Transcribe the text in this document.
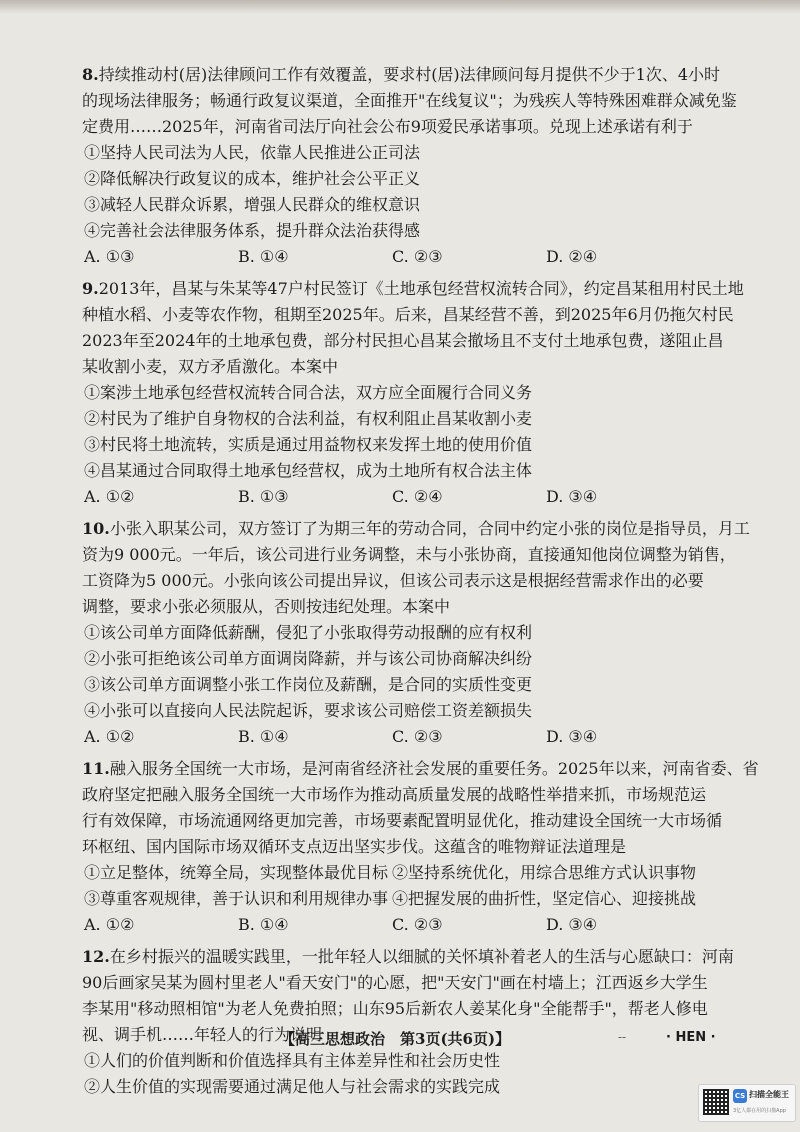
8.持续推动村(居)法律顾问工作有效覆盖，要求村(居)法律顾问每月提供不少于1次、4小时
的现场法律服务；畅通行政复议渠道，全面推开"在线复议"；为残疾人等特殊困难群众减免鉴
定费用……2025年，河南省司法厅向社会公布9项爱民承诺事项。兑现上述承诺有利于
①坚持人民司法为人民，依靠人民推进公正司法
②降低解决行政复议的成本，维护社会公平正义
③减轻人民群众诉累，增强人民群众的维权意识
④完善社会法律服务体系，提升群众法治获得感
A. ①③	B. ①④	C. ②③	D. ②④
9.2013年，昌某与朱某等47户村民签订《土地承包经营权流转合同》，约定昌某租用村民土地
种植水稻、小麦等农作物，租期至2025年。后来，昌某经营不善，到2025年6月仍拖欠村民
2023年至2024年的土地承包费，部分村民担心昌某会撤场且不支付土地承包费，遂阻止昌
某收割小麦，双方矛盾激化。本案中
①案涉土地承包经营权流转合同合法，双方应全面履行合同义务
②村民为了维护自身物权的合法利益，有权利阻止昌某收割小麦
③村民将土地流转，实质是通过用益物权来发挥土地的使用价值
④昌某通过合同取得土地承包经营权，成为土地所有权合法主体
A. ①②	B. ①③	C. ②④	D. ③④
10.小张入职某公司，双方签订了为期三年的劳动合同，合同中约定小张的岗位是指导员，月工
资为9 000元。一年后，该公司进行业务调整，未与小张协商，直接通知他岗位调整为销售，
工资降为5 000元。小张向该公司提出异议，但该公司表示这是根据经营需求作出的必要
调整，要求小张必须服从，否则按违纪处理。本案中
①该公司单方面降低薪酬，侵犯了小张取得劳动报酬的应有权利
②小张可拒绝该公司单方面调岗降薪，并与该公司协商解决纠纷
③该公司单方面调整小张工作岗位及薪酬，是合同的实质性变更
④小张可以直接向人民法院起诉，要求该公司赔偿工资差额损失
A. ①②	B. ①④	C. ②③	D. ③④
11.融入服务全国统一大市场，是河南省经济社会发展的重要任务。2025年以来，河南省委、省
政府坚定把融入服务全国统一大市场作为推动高质量发展的战略性举措来抓，市场规范运
行有效保障，市场流通网络更加完善，市场要素配置明显优化，推动建设全国统一大市场循
环枢纽、国内国际市场双循环支点迈出坚实步伐。这蕴含的唯物辩证法道理是
①立足整体，统筹全局，实现整体最优目标 ②坚持系统优化，用综合思维方式认识事物
③尊重客观规律，善于认识和利用规律办事 ④把握发展的曲折性，坚定信心、迎接挑战
A. ①②	B. ①④	C. ②③	D. ③④
12.在乡村振兴的温暖实践里，一批年轻人以细腻的关怀填补着老人的生活与心愿缺口：河南
90后画家吴某为圆村里老人"看天安门"的心愿，把"天安门"画在村墙上；江西返乡大学生
李某用"移动照相馆"为老人免费拍照；山东95后新农人姜某化身"全能帮手"，帮老人修电
视、调手机……年轻人的行为说明
①人们的价值判断和价值选择具有主体差异性和社会历史性
②人生价值的实现需要通过满足他人与社会需求的实践完成
【高三思想政治　第3页(共6页)】	--	· HEN ·
CS 扫描全能王
3亿人都在用的扫描App
